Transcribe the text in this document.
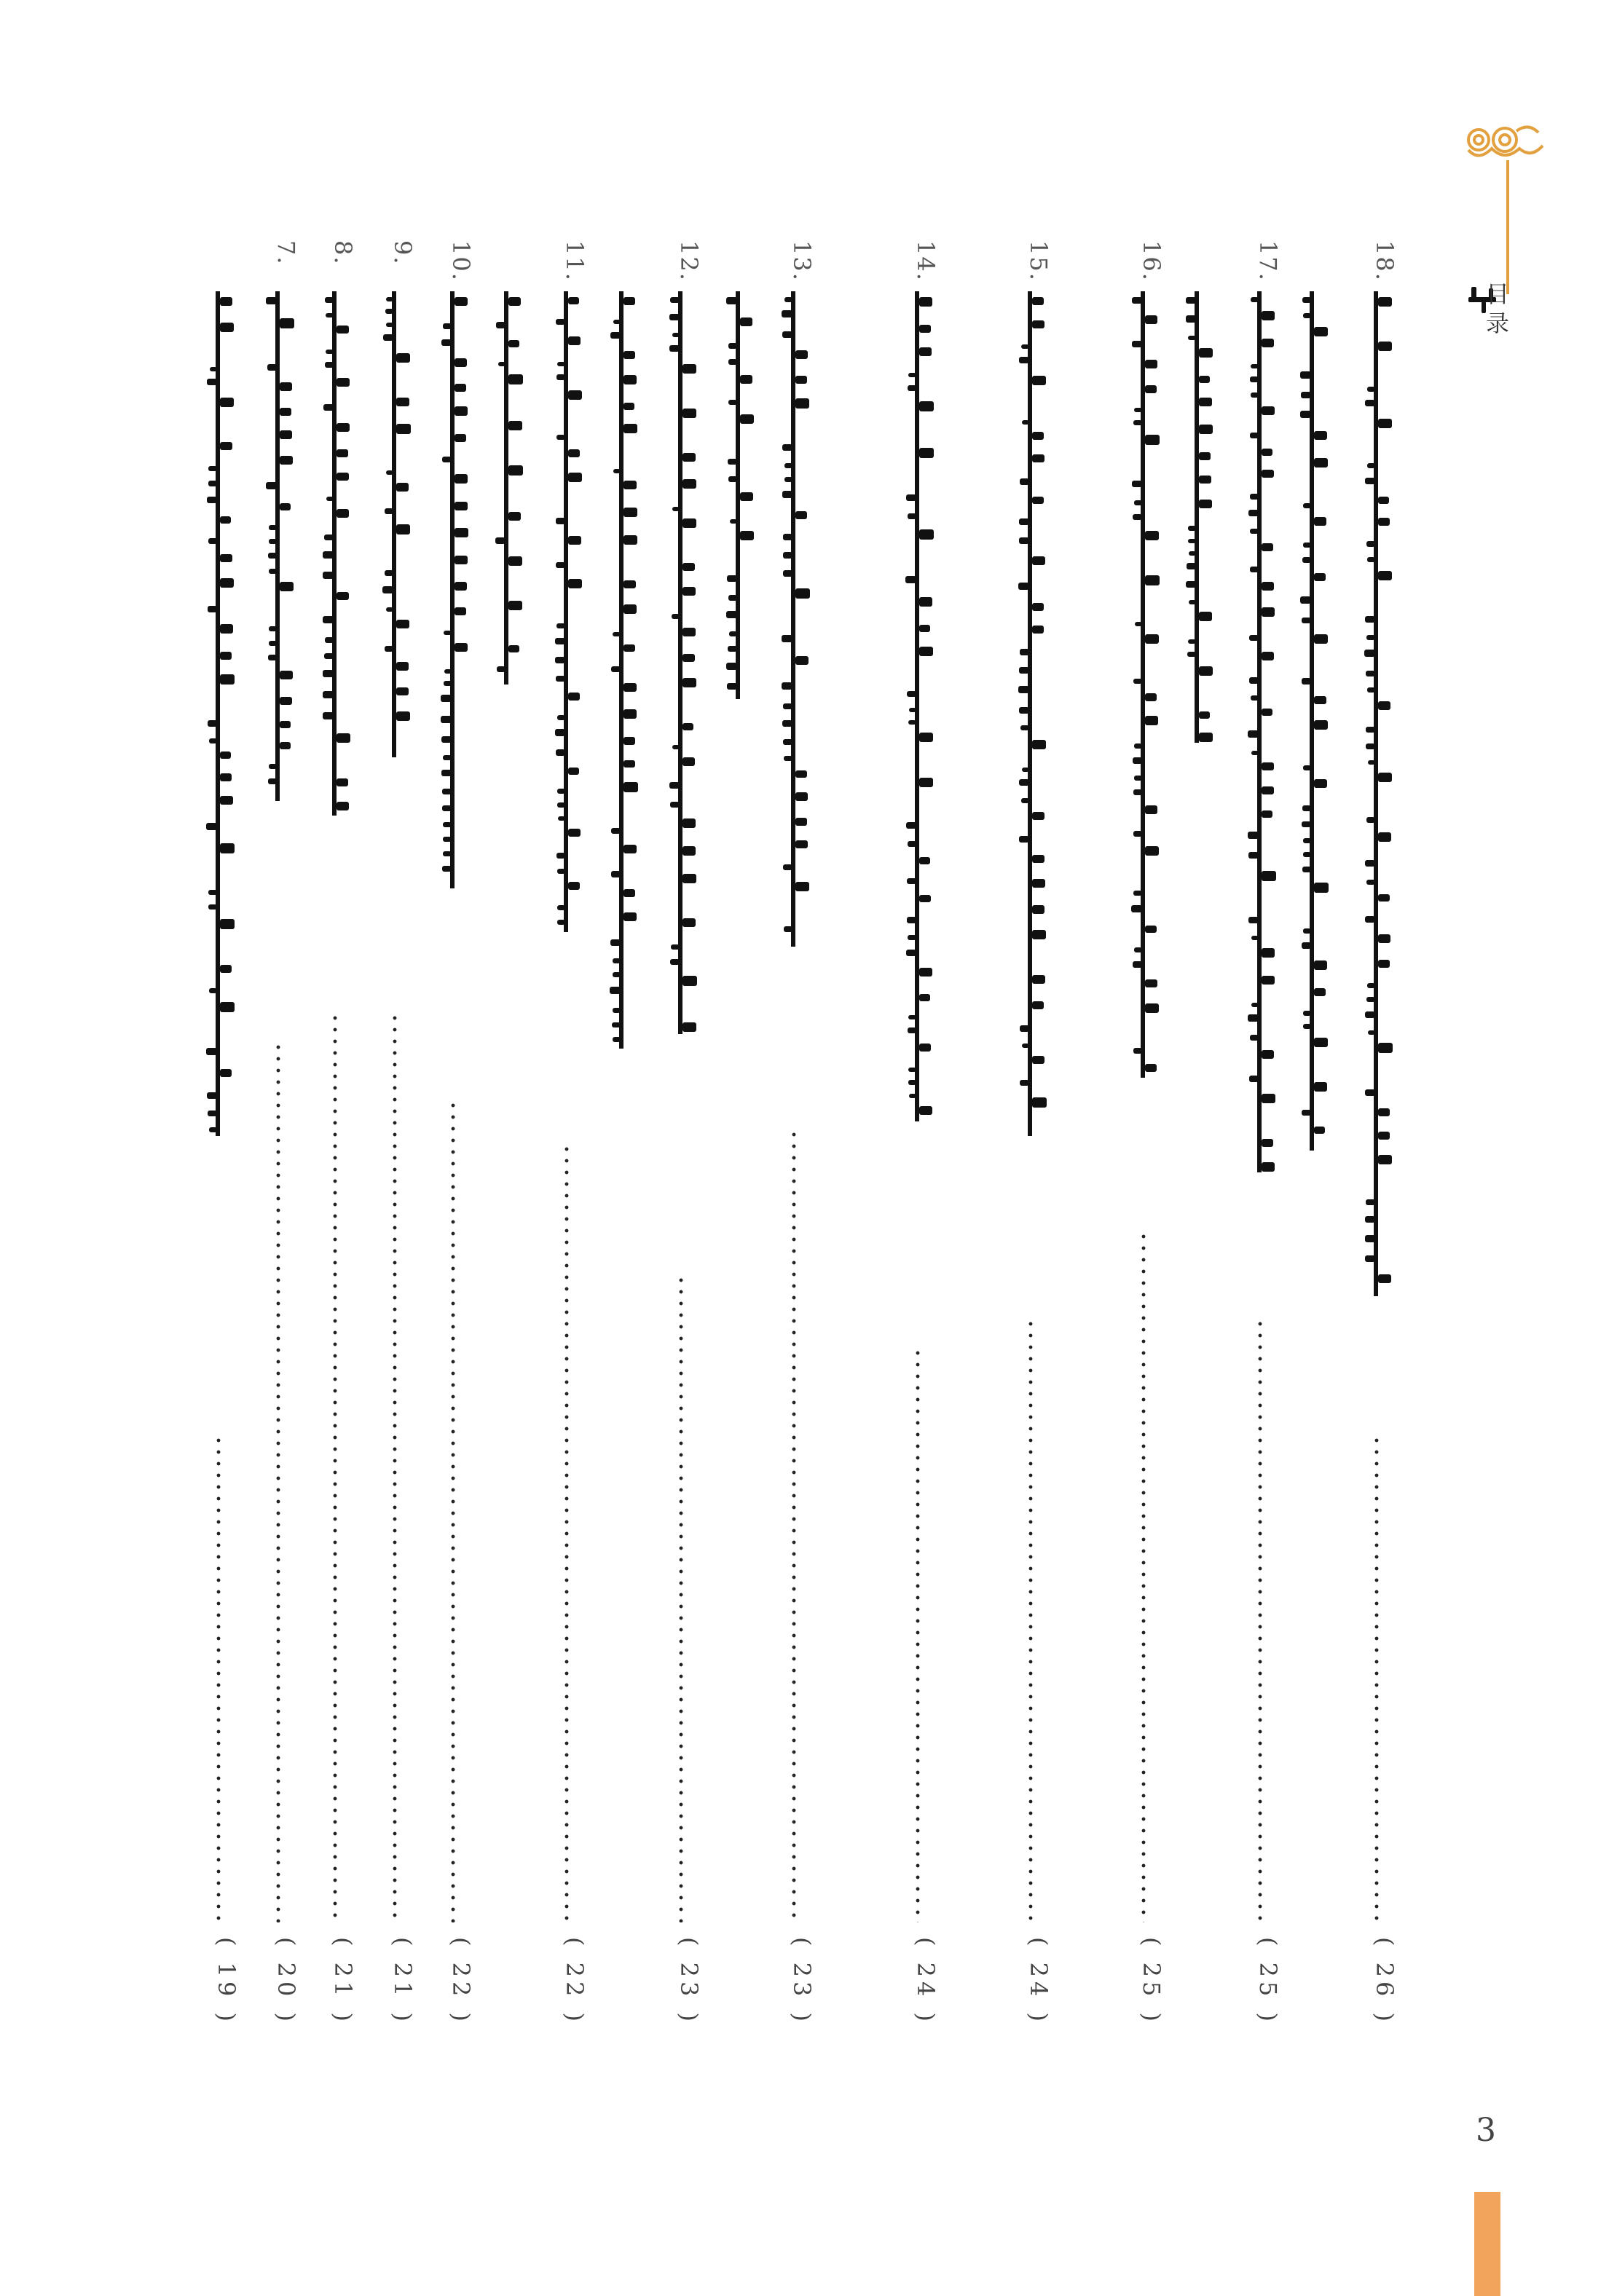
目录
18.
( 26 )
17.
( 25 )
16.
( 25 )
15.
( 24 )
14.
( 24 )
13.
( 23 )
12.
( 23 )
11.
( 22 )
10.
( 22 )
9.
( 21 )
8.
( 21 )
7.
( 20 )
( 19 )
3
